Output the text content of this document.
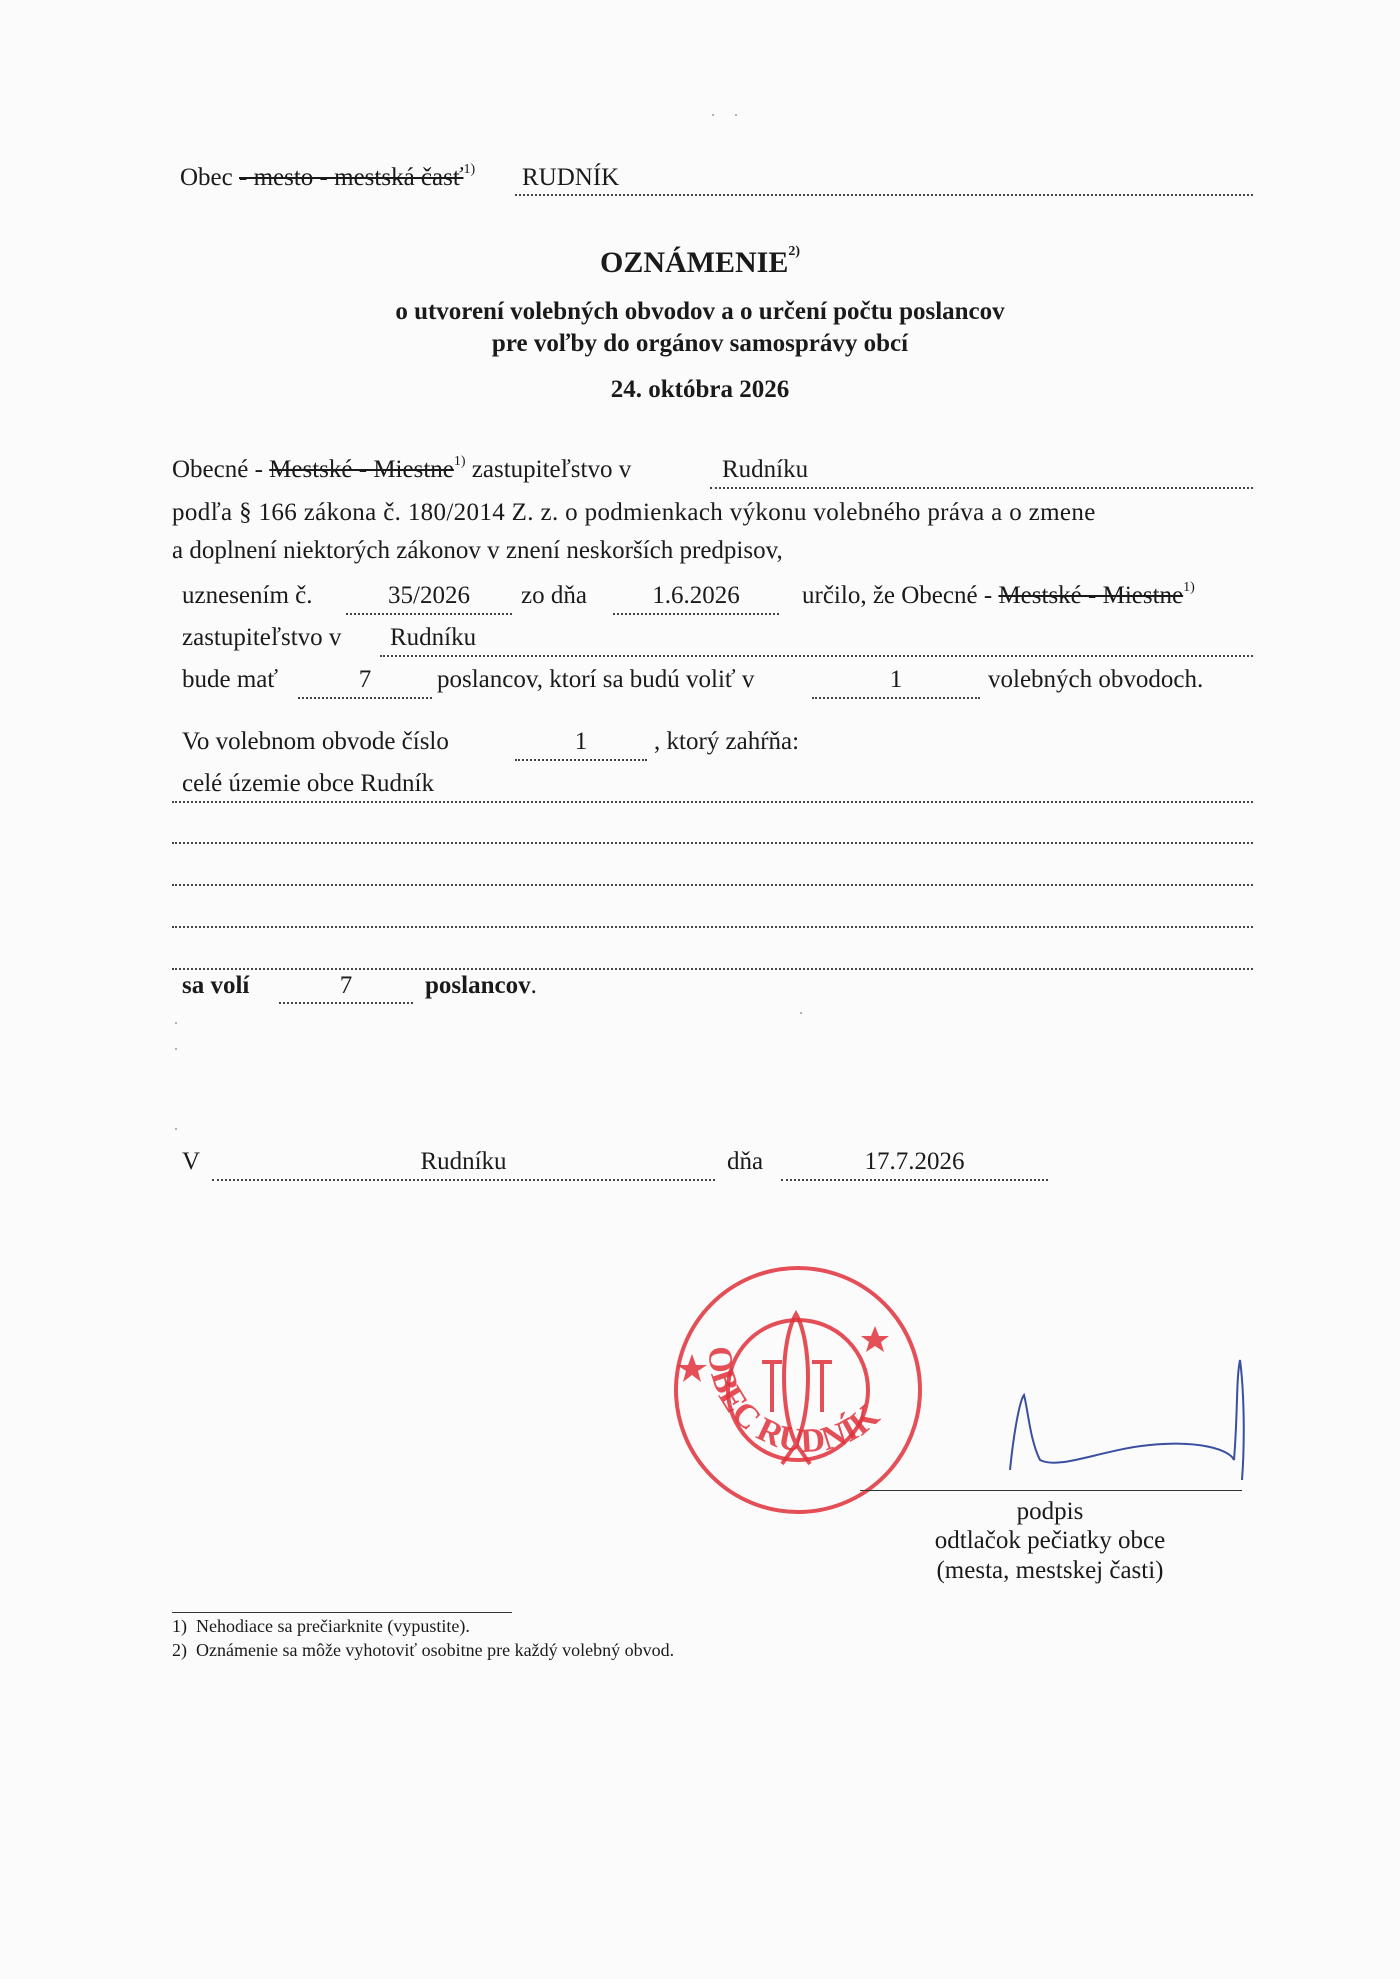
Obec - mesto - mestská časť$^{1)}$ RUDNÍK
OZNÁMENIE$^{2)}$
o utvorení volebných obvodov a o určení počtu poslancov
pre voľby do orgánov samosprávy obcí
24. októbra 2026
Obecné - Mestské - Miestne$^{1)}$ zastupiteľstvo v	Rudníku
podľa § 166 zákona č. 180/2014 Z. z. o podmienkach výkonu volebného práva a o zmene
a doplnení niektorých zákonov v znení neskorších predpisov,
uznesením č.	35/2026	zo dňa	1.6.2026	určilo, že Obecné - Mestské - Miestne$^{1)}$
zastupiteľstvo v Rudníku
bude mať	7	poslancov, ktorí sa budú voliť v	1	volebných obvodoch.
Vo volebnom obvode číslo	1	, ktorý zahŕňa:
celé územie obce Rudník
sa volí	7	poslancov.
V	Rudníku	dňa	17.7.2026
OBEC RUDNÍK
podpis
odtlačok pečiatky obce
(mesta, mestskej časti)
1) Nehodiace sa prečiarknite (vypustite).
2) Oznámenie sa môže vyhotoviť osobitne pre každý volebný obvod.
